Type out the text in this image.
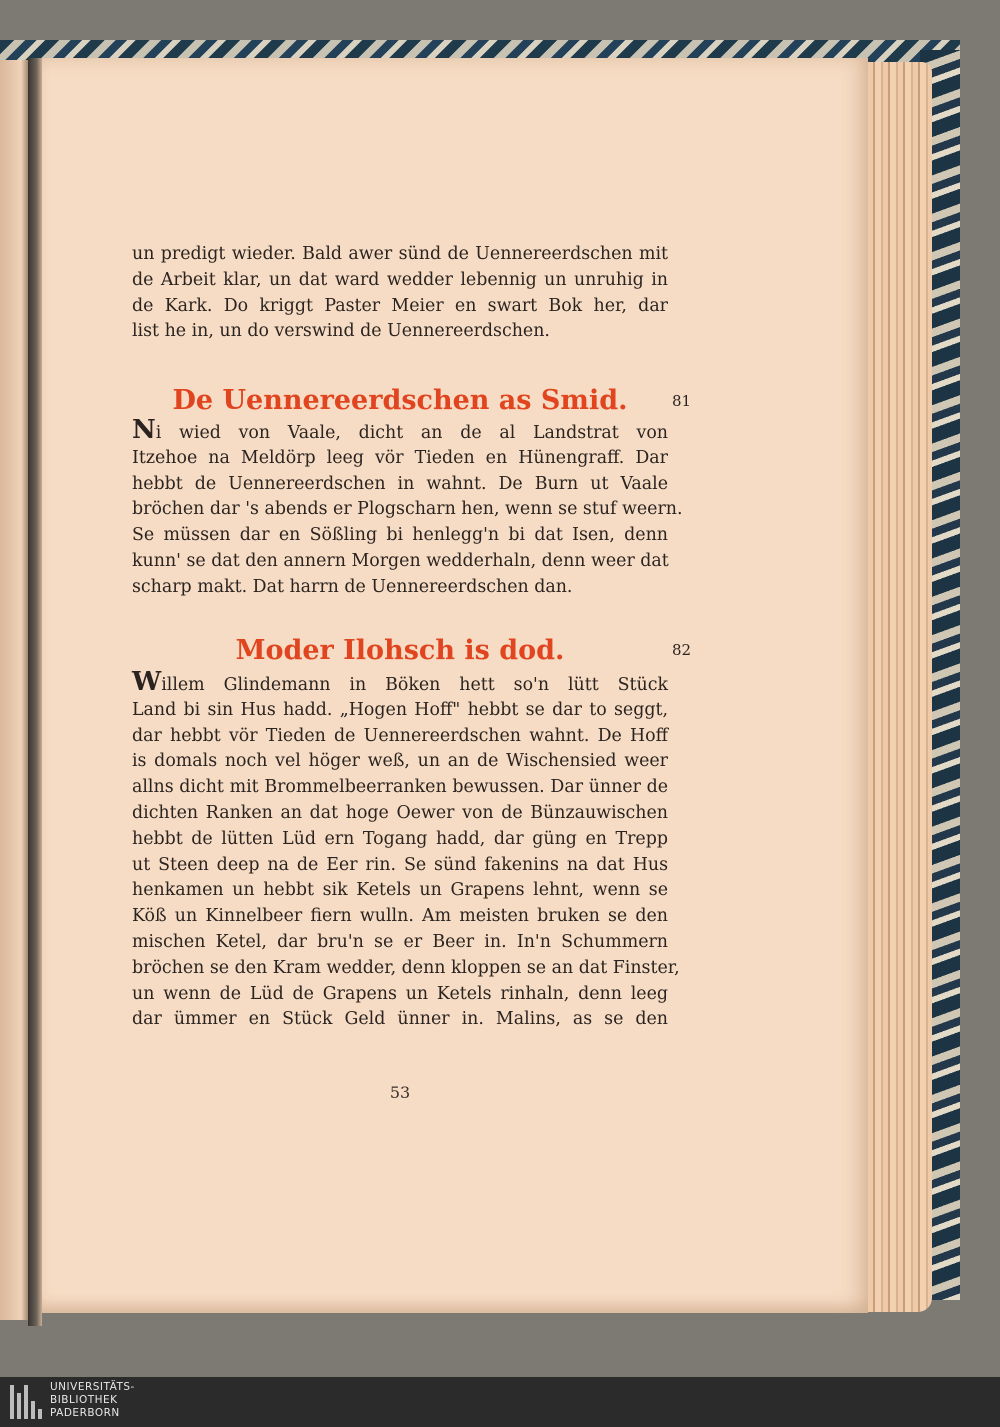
un predigt wieder. Bald awer sünd de Uennereerdschen mit
de Arbeit klar, un dat ward wedder lebennig un unruhig in
de Kark. Do kriggt Paster Meier en swart Bok her, dar
list he in, un do verswind de Uennereerdschen.
De Uennereerdschen as Smid.	81
Ni wied von Vaale, dicht an de al Landstrat von
Itzehoe na Meldörp leeg vör Tieden en Hünengraff. Dar
hebbt de Uennereerdschen in wahnt. De Burn ut Vaale
bröchen dar 's abends er Plogscharn hen, wenn se stuf weern.
Se müssen dar en Sößling bi henlegg'n bi dat Isen, denn
kunn' se dat den annern Morgen wedderhaln, denn weer dat
scharp makt. Dat harrn de Uennereerdschen dan.
Moder Ilohsch is dod.	82
Willem Glindemann in Böken hett so'n lütt Stück
Land bi sin Hus hadd. „Hogen Hoff" hebbt se dar to seggt,
dar hebbt vör Tieden de Uennereerdschen wahnt. De Hoff
is domals noch vel höger weß, un an de Wischensied weer
allns dicht mit Brommelbeerranken bewussen. Dar ünner de
dichten Ranken an dat hoge Oewer von de Bünzauwischen
hebbt de lütten Lüd ern Togang hadd, dar güng en Trepp
ut Steen deep na de Eer rin. Se sünd fakenins na dat Hus
henkamen un hebbt sik Ketels un Grapens lehnt, wenn se
Köß un Kinnelbeer fiern wulln. Am meisten bruken se den
mischen Ketel, dar bru'n se er Beer in. In'n Schummern
bröchen se den Kram wedder, denn kloppen se an dat Finster,
un wenn de Lüd de Grapens un Ketels rinhaln, denn leeg
dar ümmer en Stück Geld ünner in. Malins, as se den
53
UNIVERSITÄTS-
BIBLIOTHEK
PADERBORN
